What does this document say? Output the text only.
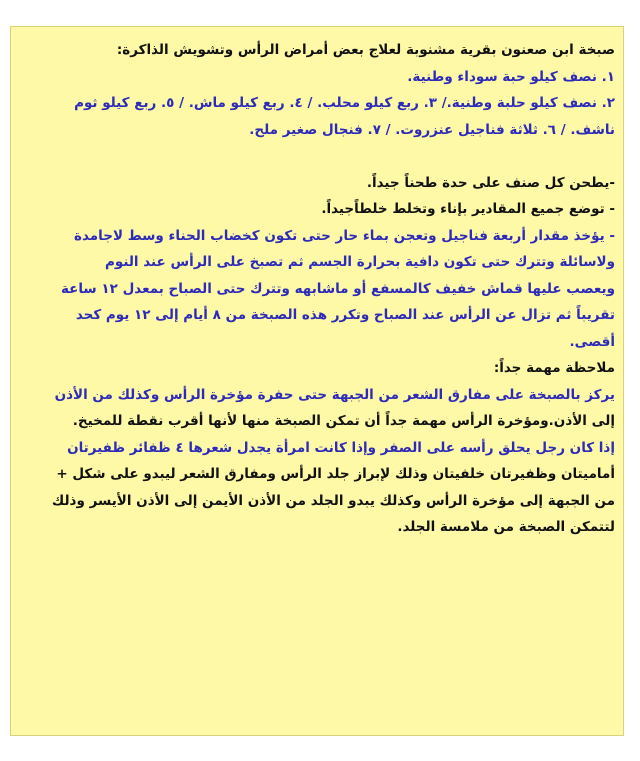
صبخة ابن صعنون بقرية مشنوبة لعلاج بعض أمراض الرأس وتشويش الذاكرة:
١. نصف كيلو حبة سوداء وطنية.
٢. نصف كيلو حلبة وطنية./ ٣. ربع كيلو محلب. / ٤. ربع كيلو ماش. / ٥. ربع كيلو ثوم
ناشف. / ٦. ثلاثة فناجيل عنزروت. / ٧. فنجال صغير ملح.
-يطحن كل صنف على حدة طحناً جيداً.
- توضع جميع المقادير بإناء وتخلط خلطاًجيداً.
- يؤخذ مقدار أربعة فناجيل وتعجن بماء حار حتى تكون كخضاب الحناء وسط لاجامدة
ولاسائلة وتترك حتى تكون دافية بحرارة الجسم ثم تصبخ على الرأس عند النوم
ويعصب عليها قماش خفيف كالمسفع أو ماشابهه وتترك حتى الصباح بمعدل ١٢ ساعة
تقريباً ثم تزال عن الرأس عند الصباح وتكرر هذه الصبخة من ٨ أيام إلى ١٢ يوم كحد
أقصى.
ملاحظة مهمة جداً:
يركز بالصبخة على مفارق الشعر من الجبهة حتى حفرة مؤخرة الرأس وكذلك من الأذن
إلى الأذن.ومؤخرة الرأس مهمة جداً أن تمكن الصبخة منها لأنها أقرب نقطة للمخيخ.
إذا كان رجل يحلق رأسه على الصفر وإذا كانت امرأة يجدل شعرها ٤ ظفائر ظفيرتان
أماميتان وظفيرتان خلفيتان وذلك لإبراز جلد الرأس ومفارق الشعر ليبدو على شكل +
من الجبهة إلى مؤخرة الرأس وكذلك يبدو الجلد من الأذن الأيمن إلى الأذن الأيسر وذلك
لتتمكن الصبخة من ملامسة الجلد.
